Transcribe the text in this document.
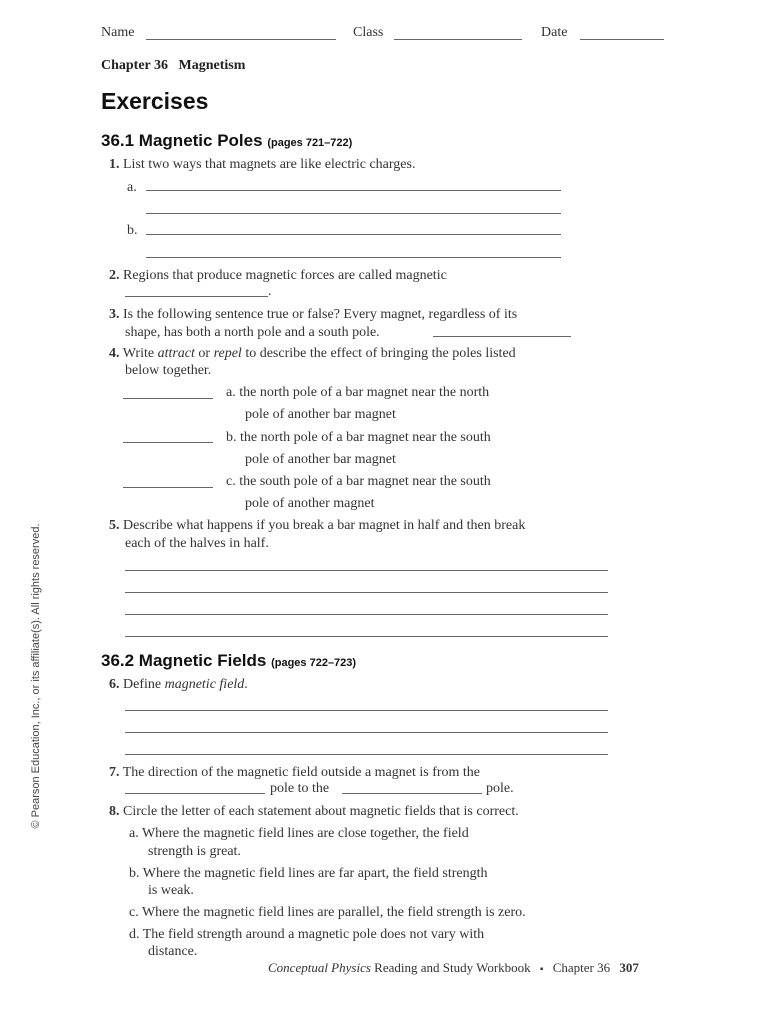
Name	Class	Date
Chapter 36   Magnetism
Exercises
36.1 Magnetic Poles (pages 721–722)
1. List two ways that magnets are like electric charges.
a.
b.
2. Regions that produce magnetic forces are called magnetic
.
3. Is the following sentence true or false? Every magnet, regardless of its
shape, has both a north pole and a south pole.
4. Write attract or repel to describe the effect of bringing the poles listed
below together.
a. the north pole of a bar magnet near the north
pole of another bar magnet
b. the north pole of a bar magnet near the south
pole of another bar magnet
c. the south pole of a bar magnet near the south
pole of another magnet
5. Describe what happens if you break a bar magnet in half and then break
each of the halves in half.
36.2 Magnetic Fields (pages 722–723)
6. Define magnetic field.
7. The direction of the magnetic field outside a magnet is from the
pole to the	pole.
8. Circle the letter of each statement about magnetic fields that is correct.
a. Where the magnetic field lines are close together, the field
strength is great.
b. Where the magnetic field lines are far apart, the field strength
is weak.
c. Where the magnetic field lines are parallel, the field strength is zero.
d. The field strength around a magnetic pole does not vary with
distance.
Conceptual Physics Reading and Study Workbook ▪ Chapter 36 307
© Pearson Education, Inc., or its affiliate(s). All rights reserved.
